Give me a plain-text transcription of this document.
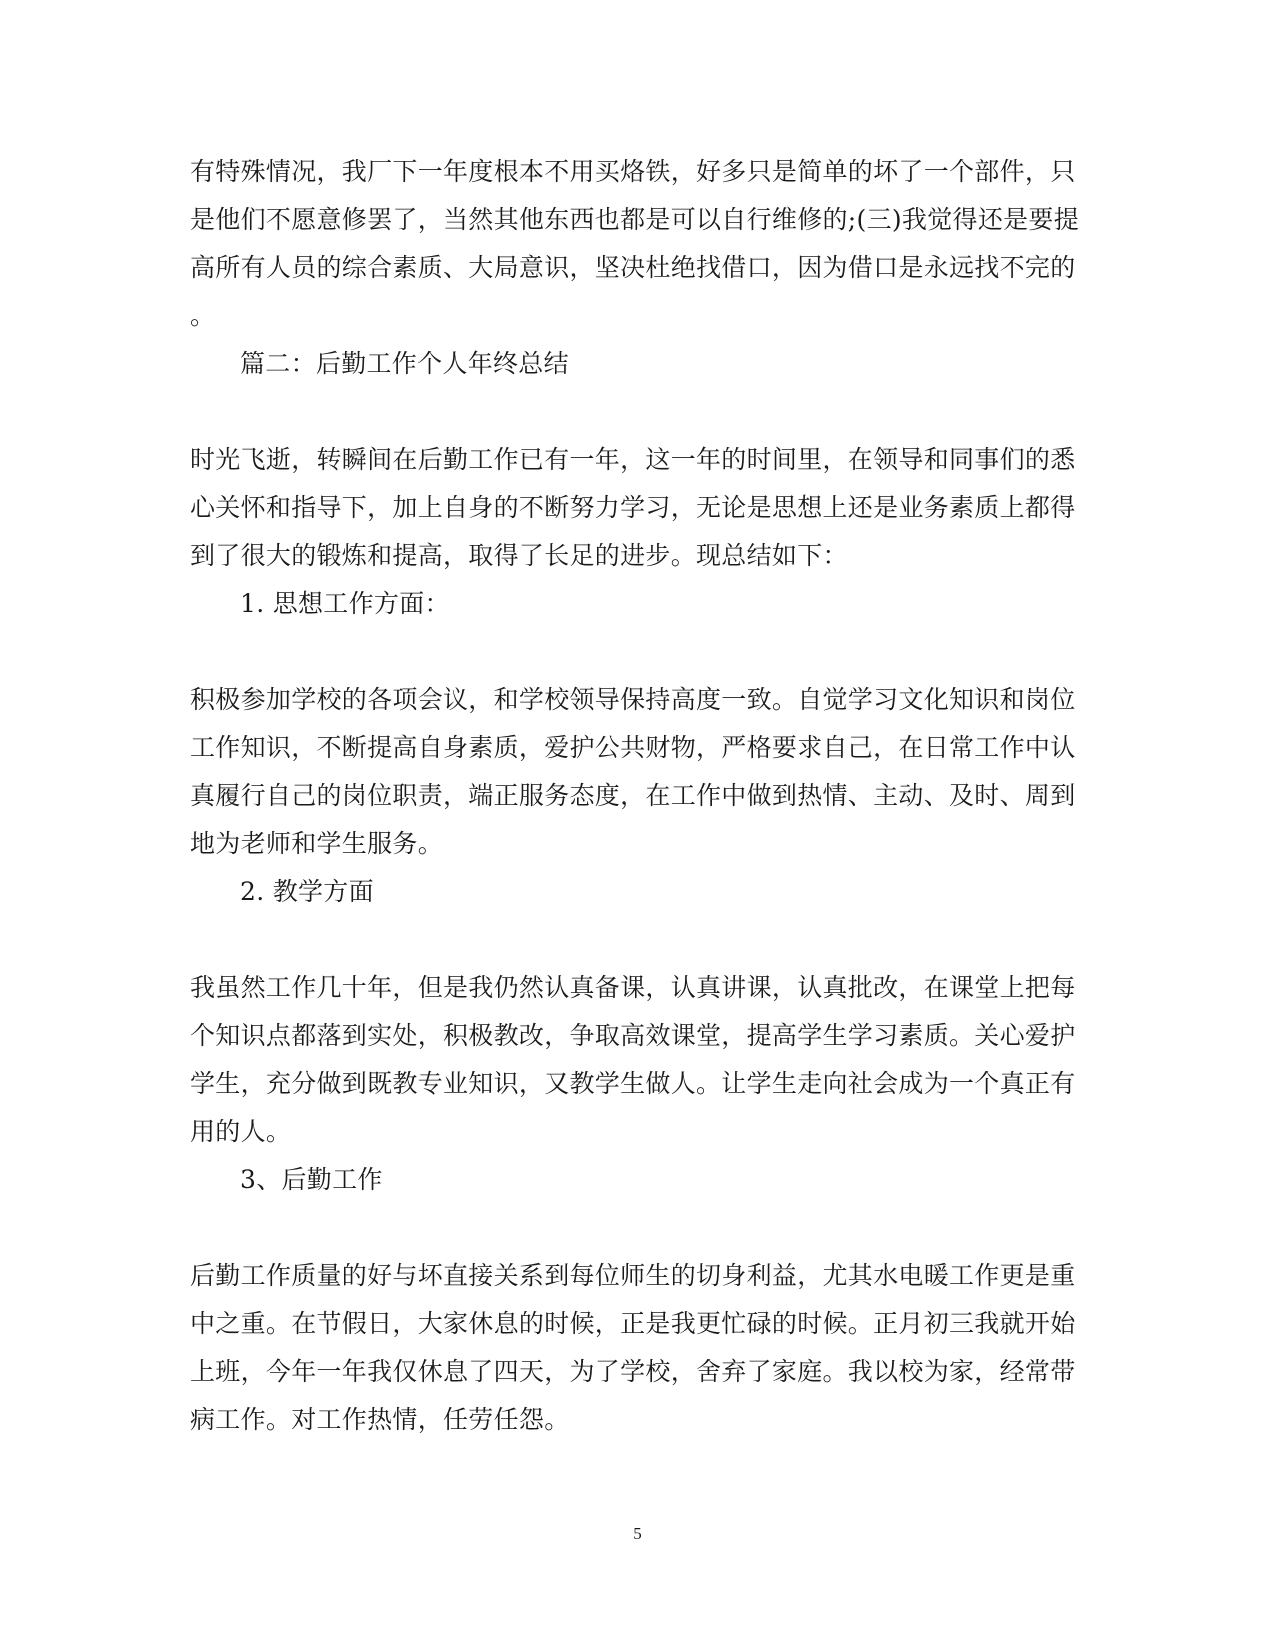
有特殊情况，我厂下一年度根本不用买烙铁，好多只是简单的坏了一个部件，只
是他们不愿意修罢了，当然其他东西也都是可以自行维修的;(三)我觉得还是要提
高所有人员的综合素质、大局意识，坚决杜绝找借口，因为借口是永远找不完的
。
篇二：后勤工作个人年终总结
时光飞逝，转瞬间在后勤工作已有一年，这一年的时间里，在领导和同事们的悉
心关怀和指导下，加上自身的不断努力学习，无论是思想上还是业务素质上都得
到了很大的锻炼和提高，取得了长足的进步。现总结如下：
1. 思想工作方面：
积极参加学校的各项会议，和学校领导保持高度一致。自觉学习文化知识和岗位
工作知识，不断提高自身素质，爱护公共财物，严格要求自己，在日常工作中认
真履行自己的岗位职责，端正服务态度，在工作中做到热情、主动、及时、周到
地为老师和学生服务。
2. 教学方面
我虽然工作几十年，但是我仍然认真备课，认真讲课，认真批改，在课堂上把每
个知识点都落到实处，积极教改，争取高效课堂，提高学生学习素质。关心爱护
学生，充分做到既教专业知识，又教学生做人。让学生走向社会成为一个真正有
用的人。
3、后勤工作
后勤工作质量的好与坏直接关系到每位师生的切身利益，尤其水电暖工作更是重
中之重。在节假日，大家休息的时候，正是我更忙碌的时候。正月初三我就开始
上班，今年一年我仅休息了四天，为了学校，舍弃了家庭。我以校为家，经常带
病工作。对工作热情，任劳任怨。
5
